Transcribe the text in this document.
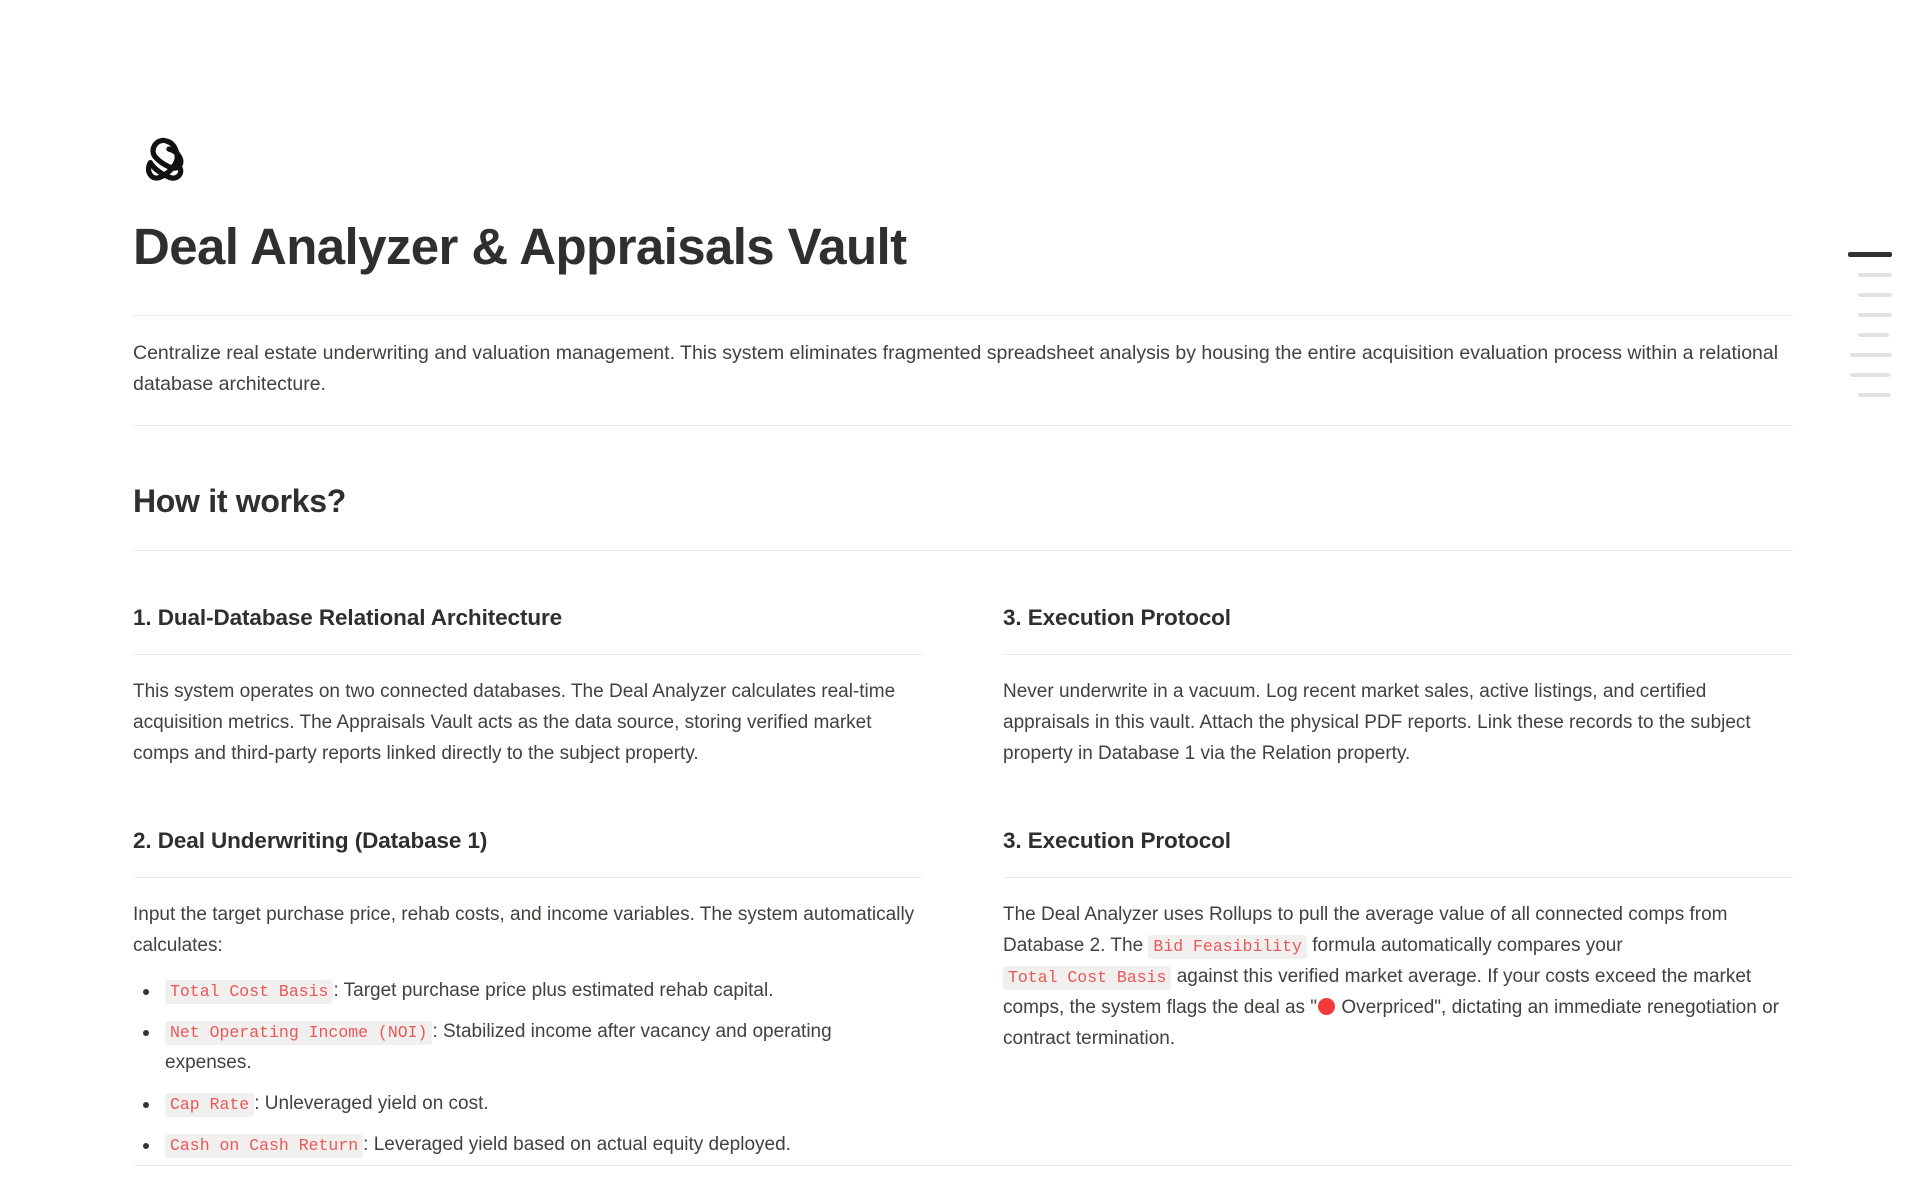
Deal Analyzer & Appraisals Vault

Centralize real estate underwriting and valuation management. This system eliminates fragmented spreadsheet analysis by housing the entire acquisition evaluation process within a relational database architecture.

How it works?
1. Dual-Database Relational Architecture

This system operates on two connected databases. The Deal Analyzer calculates real-time acquisition metrics. The Appraisals Vault acts as the data source, storing verified market comps and third-party reports linked directly to the subject property.

2. Deal Underwriting (Database 1)

Input the target purchase price, rehab costs, and income variables. The system automatically calculates:

Total Cost Basis : Target purchase price plus estimated rehab capital.
Net Operating Income (NOI) : Stabilized income after vacancy and operating expenses.
Cap Rate : Unleveraged yield on cost.
Cash on Cash Return : Leveraged yield based on actual equity deployed.
3. Execution Protocol

Never underwrite in a vacuum. Log recent market sales, active listings, and certified appraisals in this vault. Attach the physical PDF reports. Link these records to the subject property in Database 1 via the Relation property.

3. Execution Protocol

The Deal Analyzer uses Rollups to pull the average value of all connected comps from Database 2. The Bid Feasibility formula automatically compares your Total Cost Basis against this verified market average. If your costs exceed the market comps, the system flags the deal as " Overpriced", dictating an immediate renegotiation or contract termination.
